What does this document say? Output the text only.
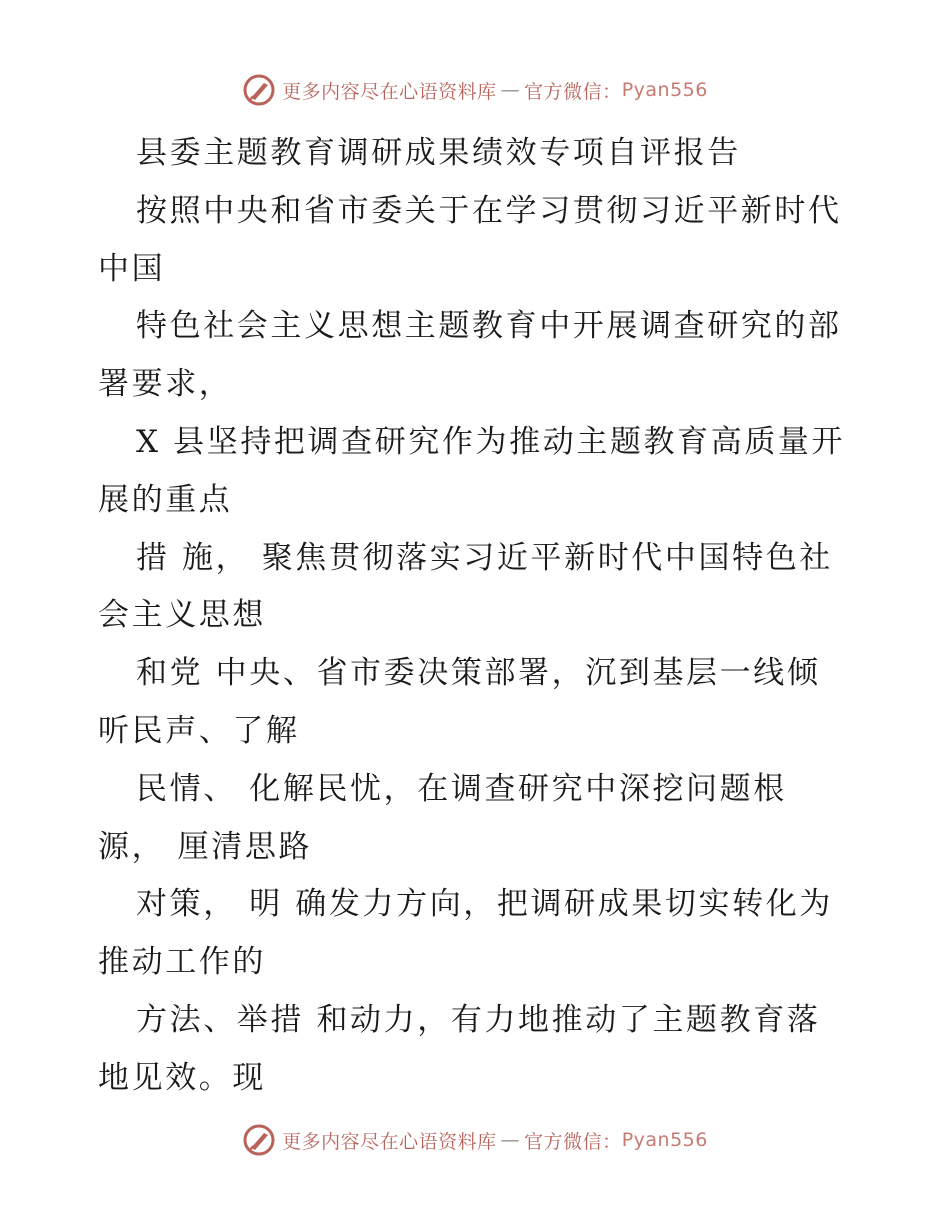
更多内容尽在心语资料库 — 官方微信： Pyan556
县委主题教育调研成果绩效专项自评报告
按照中央和省市委关于在学习贯彻习近平新时代
中国
特色社会主义思想主题教育中开展调查研究的部
署要求，
X 县坚持把调查研究作为推动主题教育高质量开
展的重点
措 施， 聚焦贯彻落实习近平新时代中国特色社
会主义思想
和党 中央、省市委决策部署，沉到基层一线倾
听民声、了解
民情、 化解民忧，在调查研究中深挖问题根
源， 厘清思路
对策， 明 确发力方向，把调研成果切实转化为
推动工作的
方法、举措 和动力，有力地推动了主题教育落
地见效。现
更多内容尽在心语资料库 — 官方微信： Pyan556
